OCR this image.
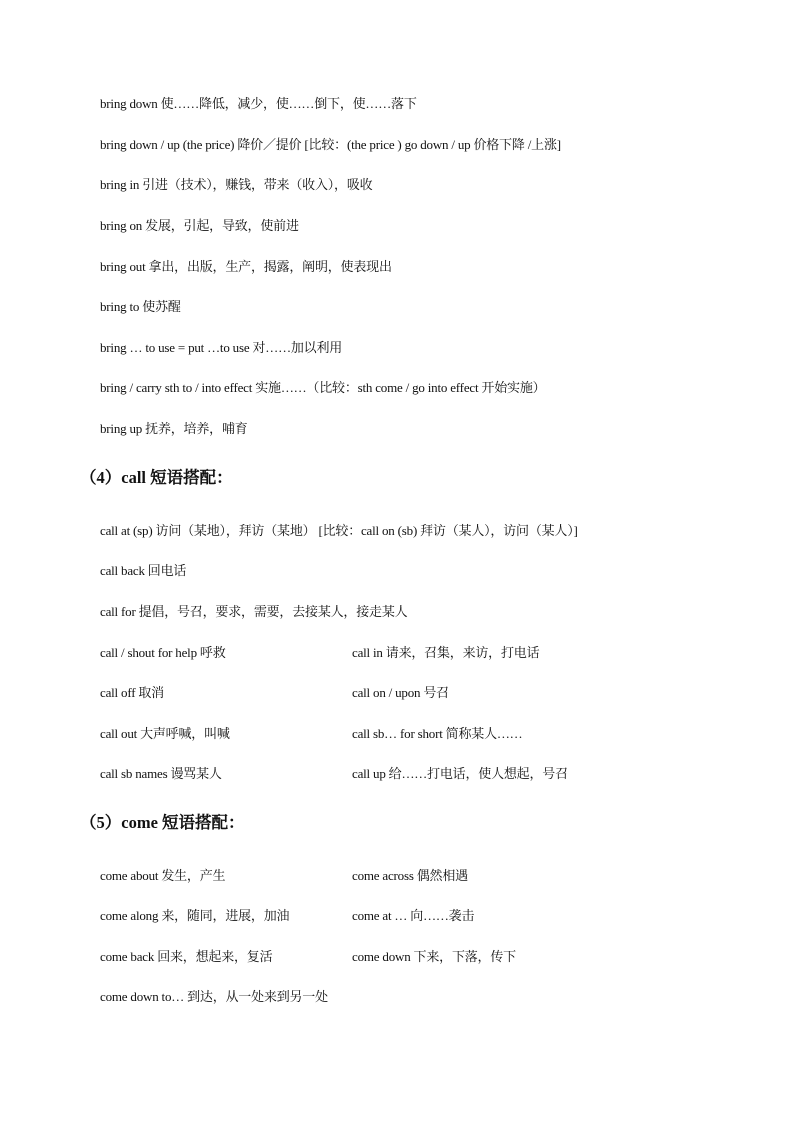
bring down 使……降低，减少，使……倒下，使……落下
bring down / up (the price) 降价／提价 [比较：(the price ) go down / up 价格下降 /上涨]
bring in 引进（技术），赚钱，带来（收入），吸收
bring on 发展，引起，导致，使前进
bring out 拿出，出版，生产，揭露，阐明，使表现出
bring to 使苏醒
bring … to use = put …to use 对……加以利用
bring / carry sth to / into effect 实施……（比较：sth come / go into effect 开始实施）
bring up 抚养，培养，哺育
（4）call 短语搭配：
call at (sp) 访问（某地），拜访（某地） [比较：call on (sb) 拜访（某人），访问（某人）]
call back 回电话
call for 提倡，号召，要求，需要，去接某人，接走某人
call / shout for help 呼救	call in 请来，召集，来访，打电话
call off 取消	call on / upon 号召
call out 大声呼喊，叫喊	call sb… for short 简称某人……
call sb names 谩骂某人	call up 给……打电话，使人想起，号召
（5）come 短语搭配：
come about 发生，产生	come across 偶然相遇
come along 来，随同，进展，加油	come at … 向……袭击
come back 回来，想起来，复活	come down 下来，下落，传下
come down to… 到达，从一处来到另一处
